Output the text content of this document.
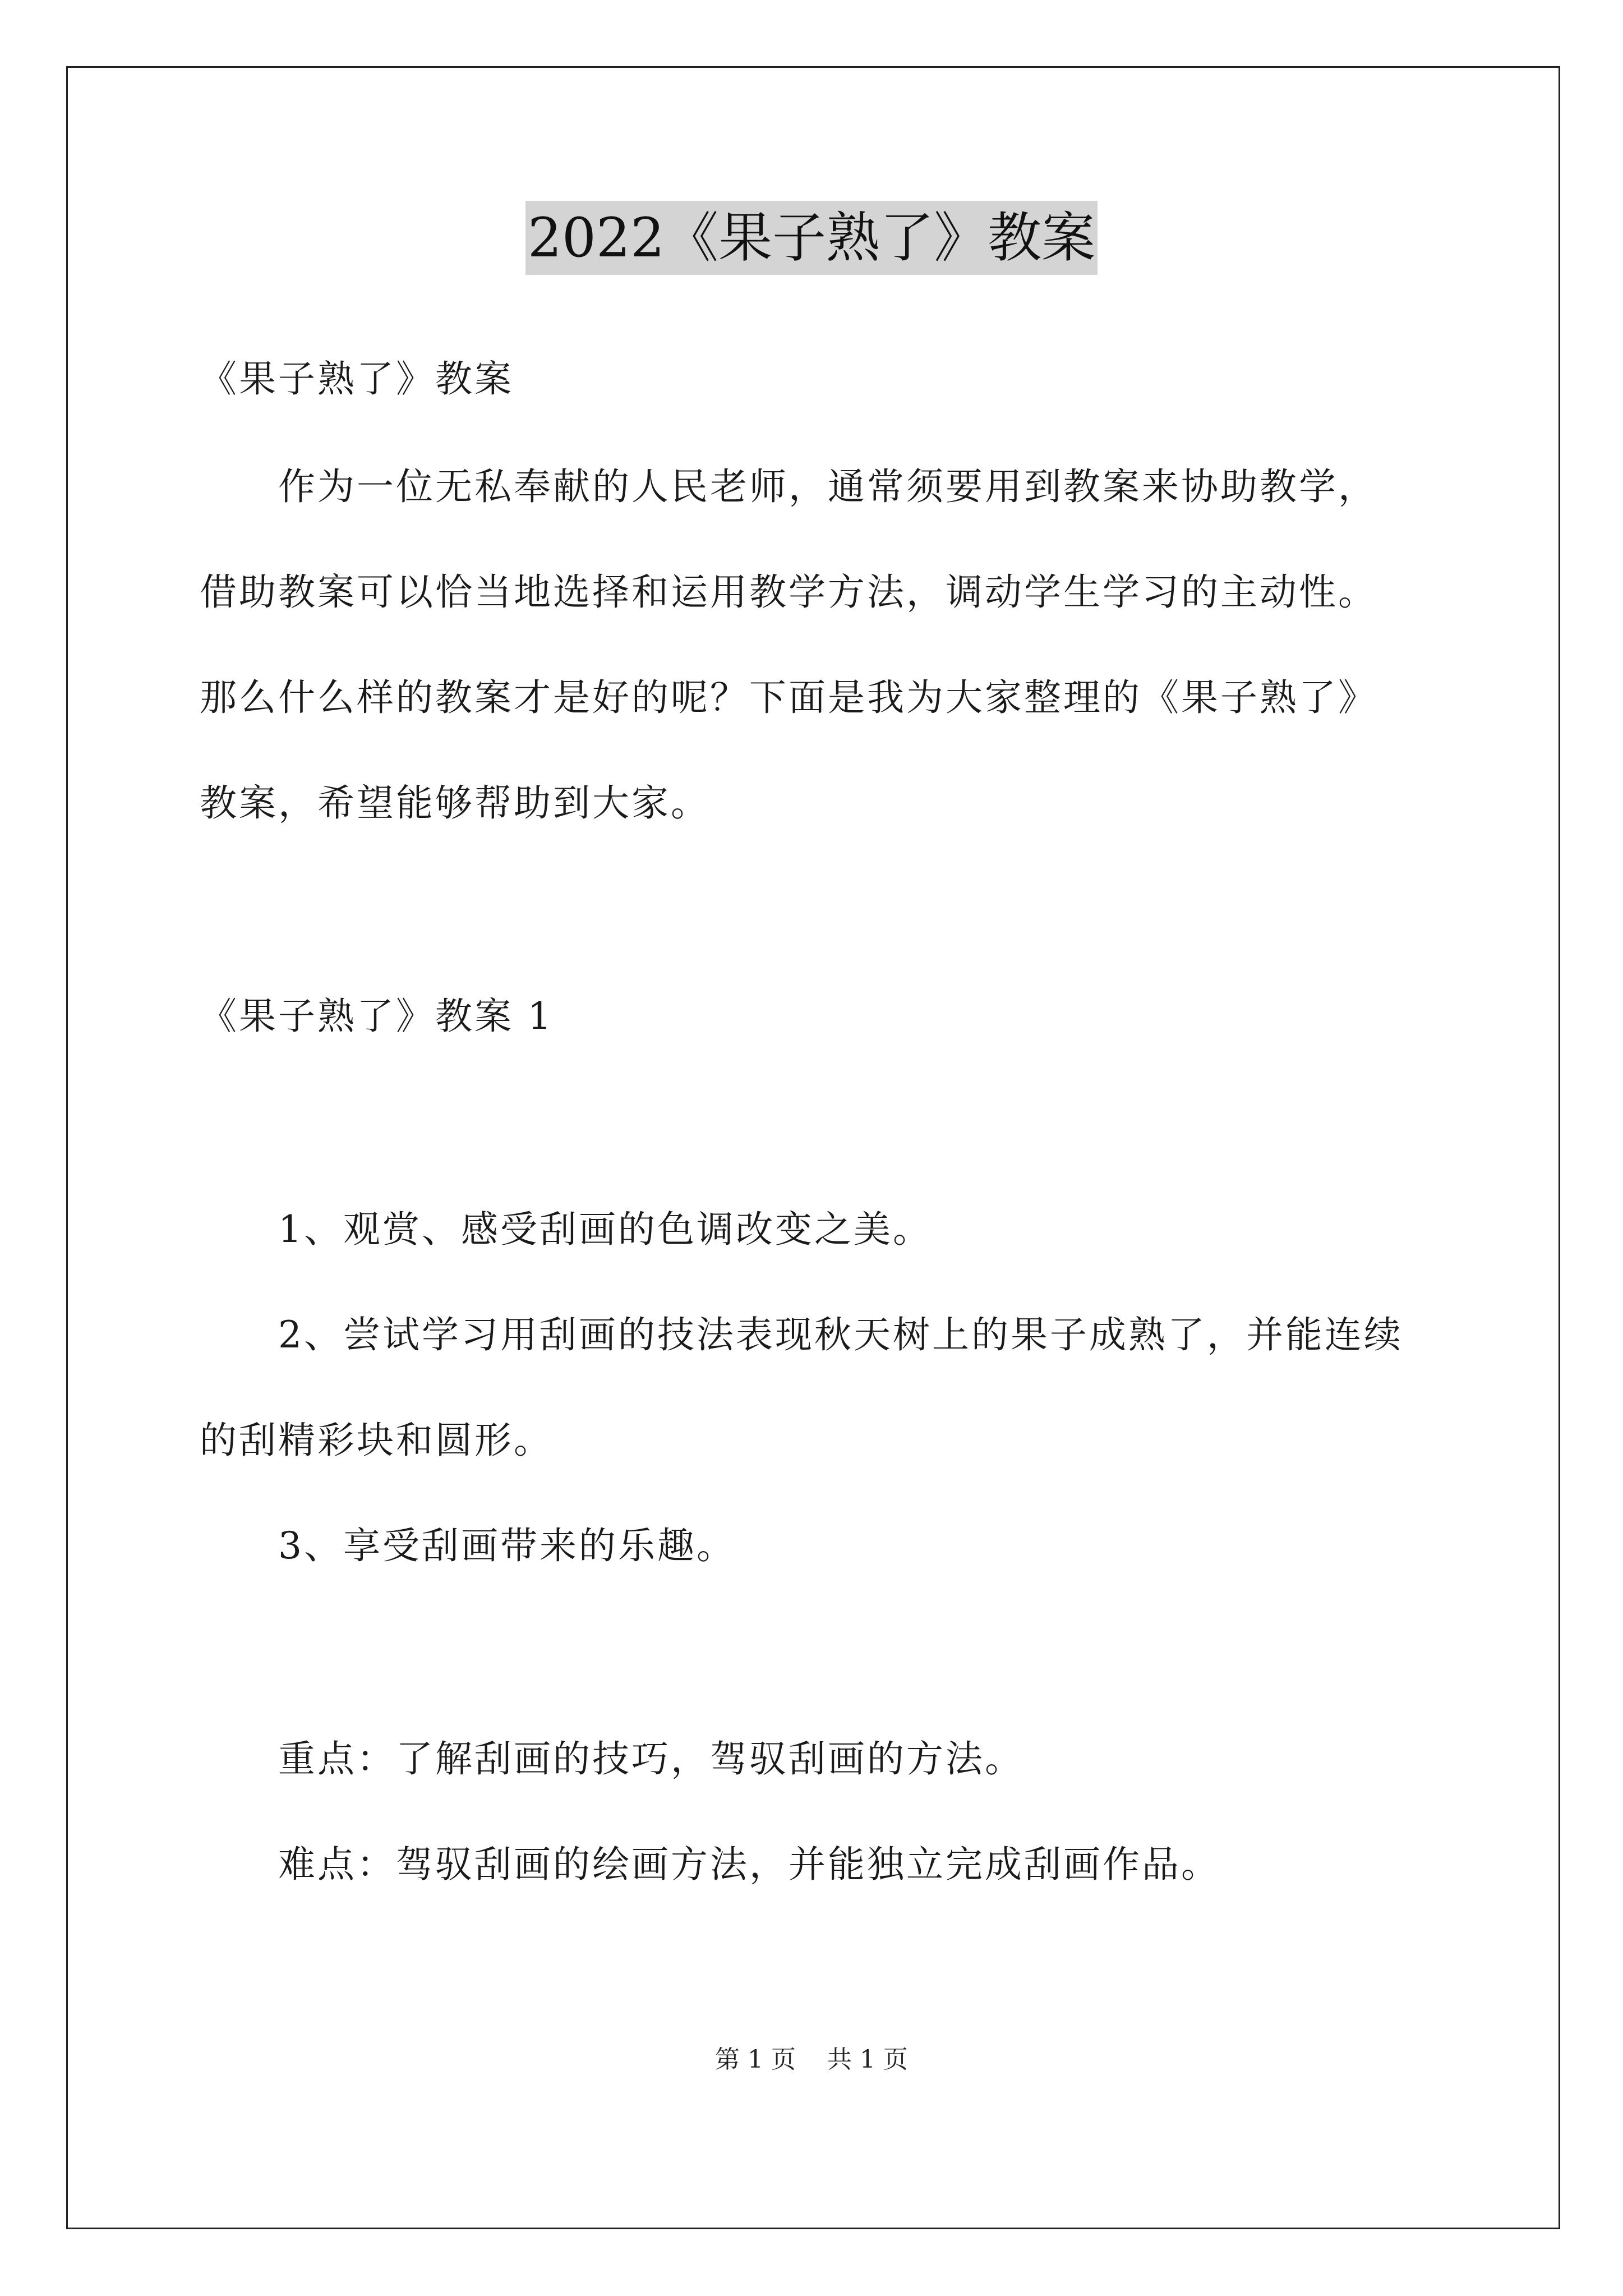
2022《果子熟了》教案
《果子熟了》教案
作为一位无私奉献的人民老师，通常须要用到教案来协助教学，
借助教案可以恰当地选择和运用教学方法，调动学生学习的主动性。
那么什么样的教案才是好的呢？下面是我为大家整理的《果子熟了》
教案，希望能够帮助到大家。
《果子熟了》教案 1
1、观赏、感受刮画的色调改变之美。
2、尝试学习用刮画的技法表现秋天树上的果子成熟了，并能连续
的刮精彩块和圆形。
3、享受刮画带来的乐趣。
重点：了解刮画的技巧，驾驭刮画的方法。
难点：驾驭刮画的绘画方法，并能独立完成刮画作品。
第 1 页    共 1 页
